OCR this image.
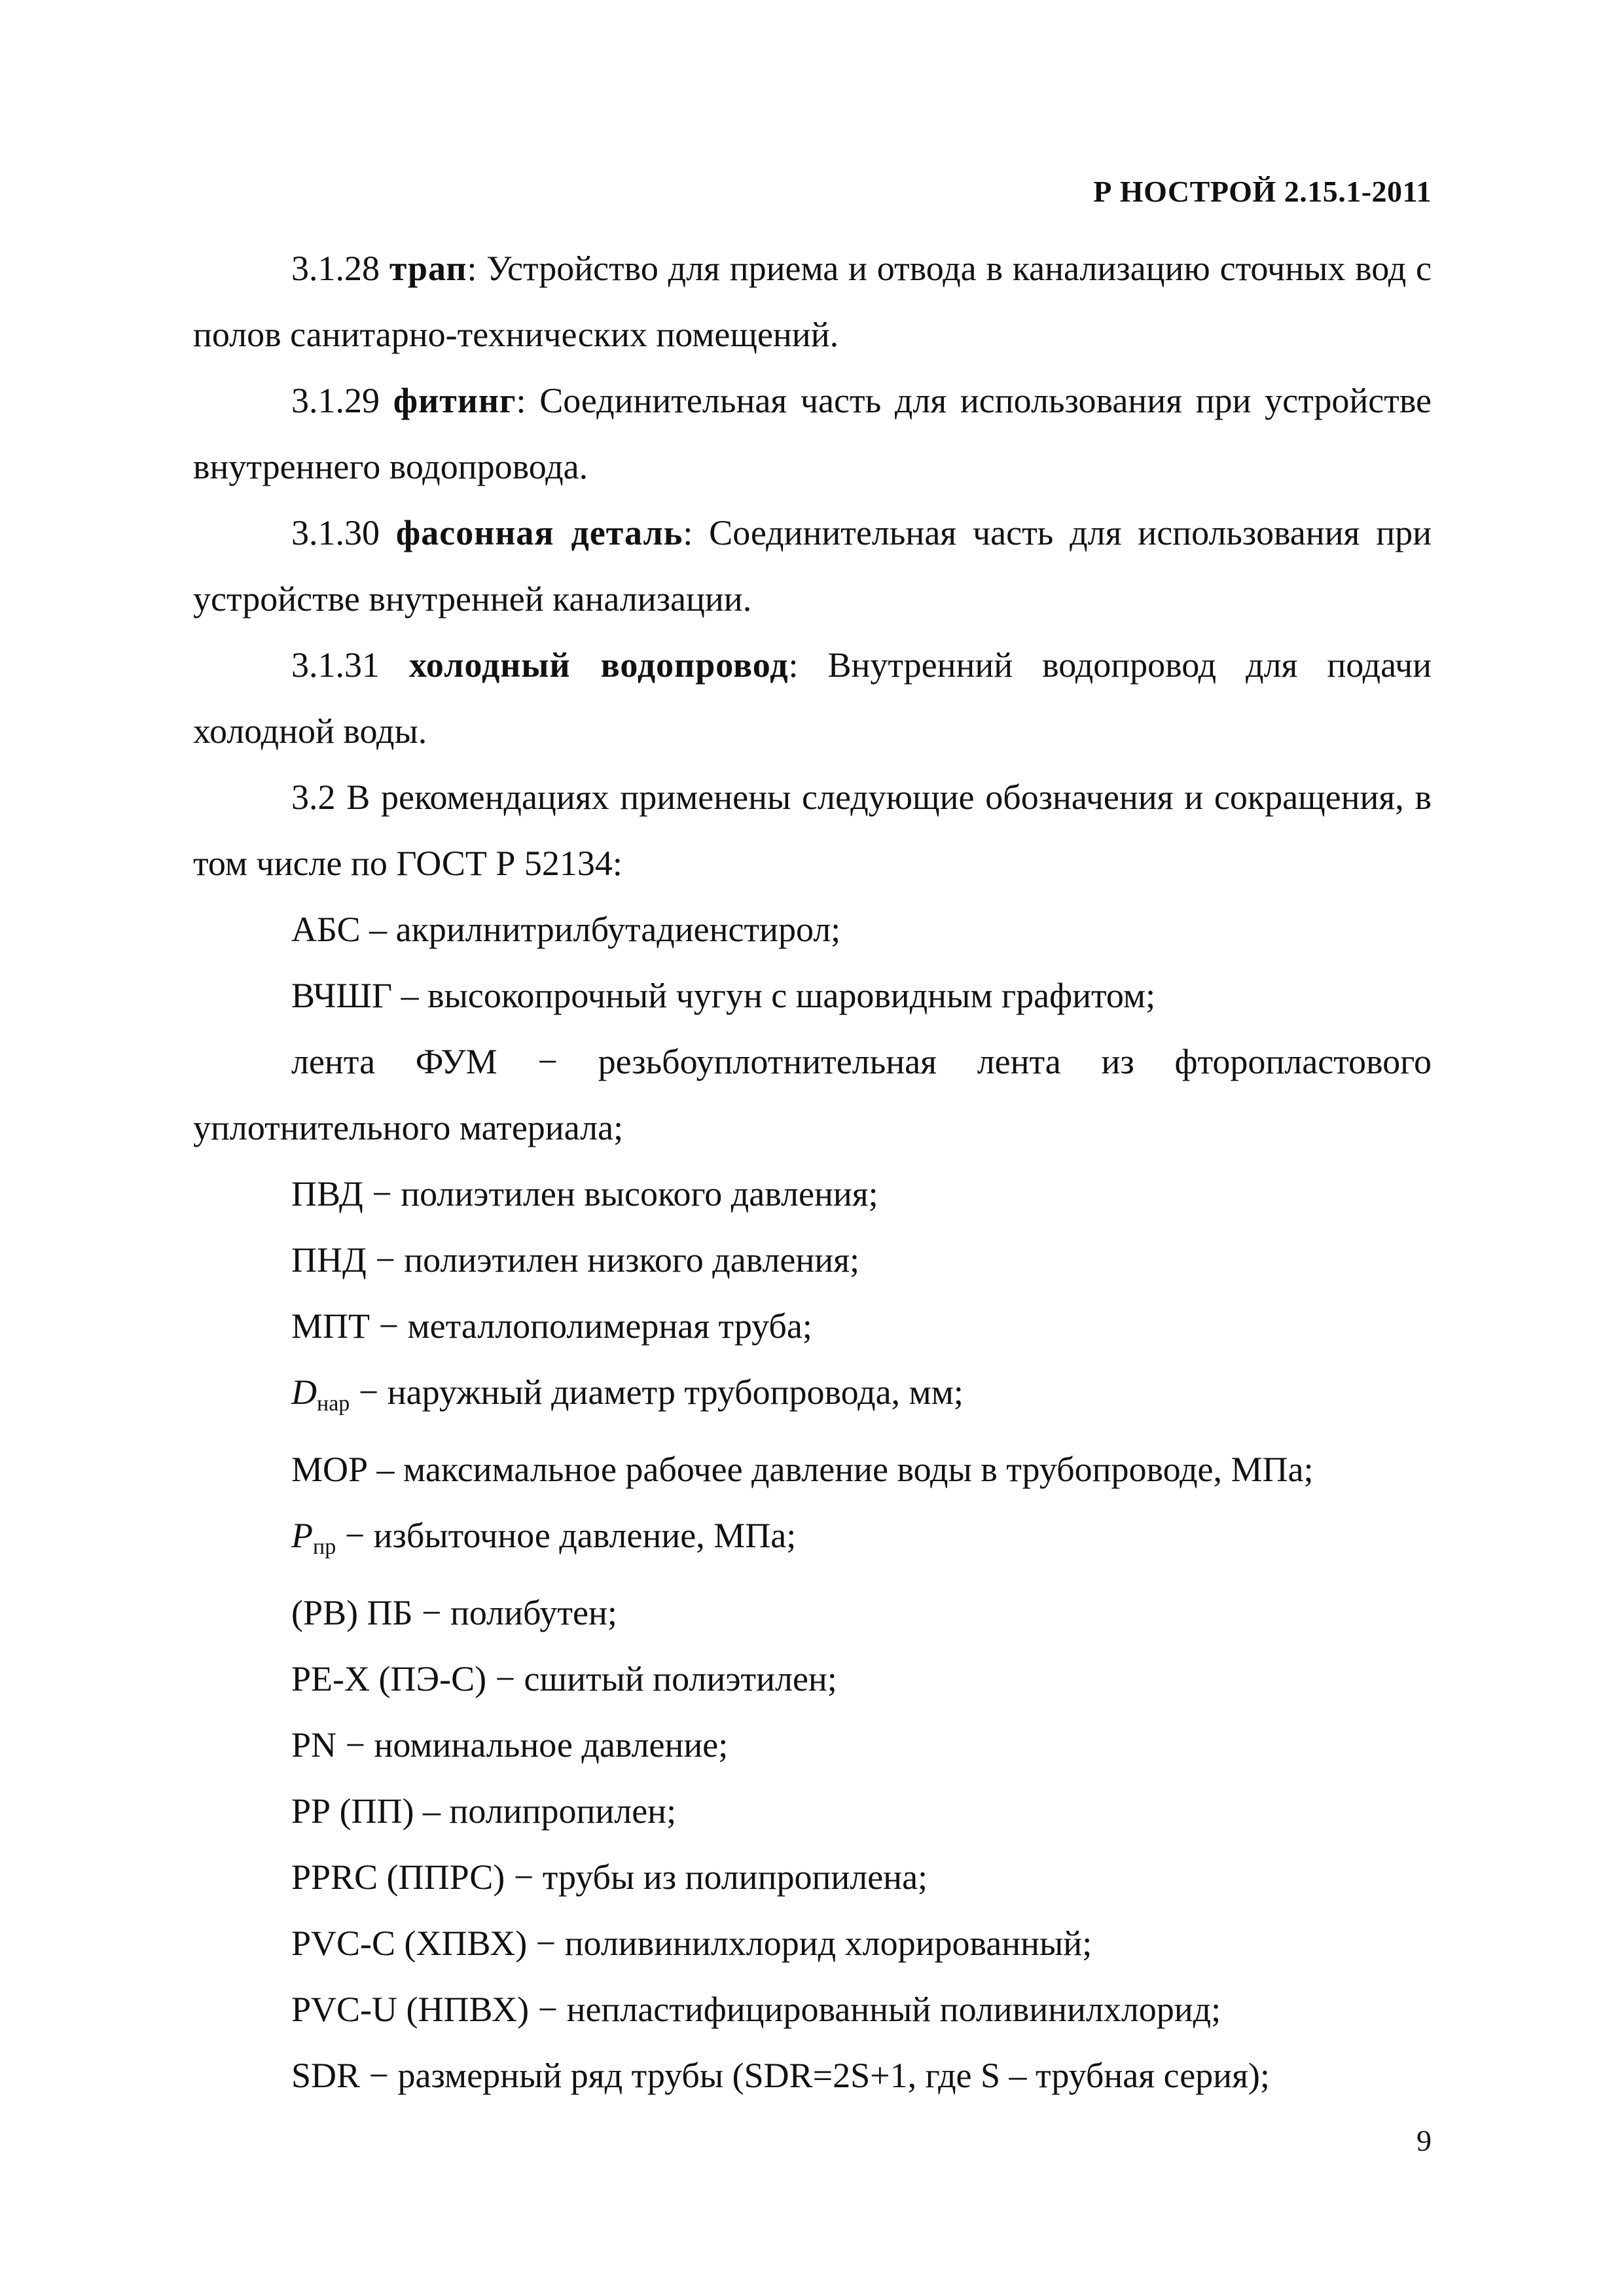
Р НОСТРОЙ 2.15.1-2011

3.1.28 трап: Устройство для приема и отвода в канализацию сточных вод с полов санитарно-технических помещений.

3.1.29 фитинг: Соединительная часть для использования при устройстве внутреннего водопровода.

3.1.30 фасонная деталь: Соединительная часть для использования при устройстве внутренней канализации.

3.1.31 холодный водопровод: Внутренний водопровод для подачи холодной воды.

3.2 В рекомендациях применены следующие обозначения и сокращения, в том числе по ГОСТ Р 52134:

АБС – акрилнитрилбутадиенстирол;

ВЧШГ – высокопрочный чугун с шаровидным графитом;

лента ФУМ − резьбоуплотнительная лента из фторопластового уплотнительного материала;

ПВД − полиэтилен высокого давления;

ПНД − полиэтилен низкого давления;

МПТ − металлополимерная труба;

$D_{нар}$ − наружный диаметр трубопровода, мм;

МОР – максимальное рабочее давление воды в трубопроводе, МПа;

$P_{пр}$ − избыточное давление, МПа;

(РВ) ПБ − полибутен;

РЕ-Х (ПЭ-С) − сшитый полиэтилен;

PN − номинальное давление;

РР (ПП) – полипропилен;

PPRC (ППРС) − трубы из полипропилена;

PVC-С (ХПВХ) − поливинилхлорид хлорированный;

PVC-U (НПВХ) − непластифицированный поливинилхлорид;

SDR − размерный ряд трубы (SDR=2S+1, где S – трубная серия);

9
